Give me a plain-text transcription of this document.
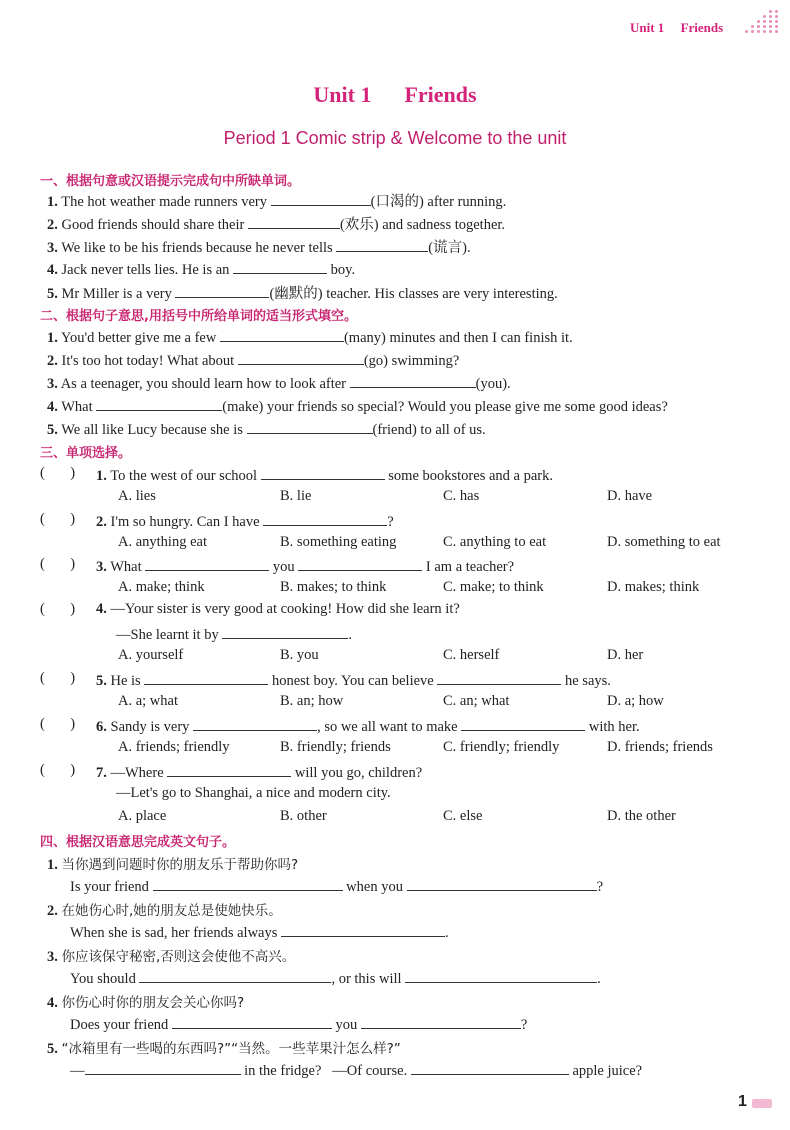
Unit 1 Friends
Unit 1 Friends
Period 1 Comic strip & Welcome to the unit
一、根据句意或汉语提示完成句中所缺单词。
1. The hot weather made runners very	(口渴的) after running.
2. Good friends should share their	(欢乐) and sadness together.
3. We like to be his friends because he never tells	(谎言).
4. Jack never tells lies. He is an	boy.
5. Mr Miller is a very	(幽默的) teacher. His classes are very interesting.
二、根据句子意思,用括号中所给单词的适当形式填空。
1. You'd better give me a few	(many) minutes and then I can finish it.
2. It's too hot today! What about	(go) swimming?
3. As a teenager, you should learn how to look after	(you).
4. What	(make) your friends so special? Would you please give me some good ideas?
5. We all like Lucy because she is	(friend) to all of us.
三、单项选择。
(       ) 1. To the west of our school	some bookstores and a park.
A. lies	B. lie	C. has	D. have
(       ) 2. I'm so hungry. Can I have	?
A. anything eat	B. something eating	C. anything to eat	D. something to eat
(       ) 3. What	you	I am a teacher?
A. make; think	B. makes; to think	C. make; to think	D. makes; think
(       ) 4. —Your sister is very good at cooking! How did she learn it?
—She learnt it by	.
A. yourself	B. you	C. herself	D. her
(       ) 5. He is	honest boy. You can believe	he says.
A. a; what	B. an; how	C. an; what	D. a; how
(       ) 6. Sandy is very	, so we all want to make	with her.
A. friends; friendly	B. friendly; friends	C. friendly; friendly	D. friends; friends
(       ) 7. —Where	will you go, children?
—Let's go to Shanghai, a nice and modern city.
A. place	B. other	C. else	D. the other
四、根据汉语意思完成英文句子。
1. 当你遇到问题时你的朋友乐于帮助你吗?
Is your friend	when you	?
2. 在她伤心时,她的朋友总是使她快乐。
When she is sad, her friends always	.
3. 你应该保守秘密,否则这会使他不高兴。
You should	, or this will	.
4. 你伤心时你的朋友会关心你吗?
Does your friend	you	?
5. “冰箱里有一些喝的东西吗?”“当然。一些苹果汁怎么样?”
—	in the fridge?   —Of course.	apple juice?
1
